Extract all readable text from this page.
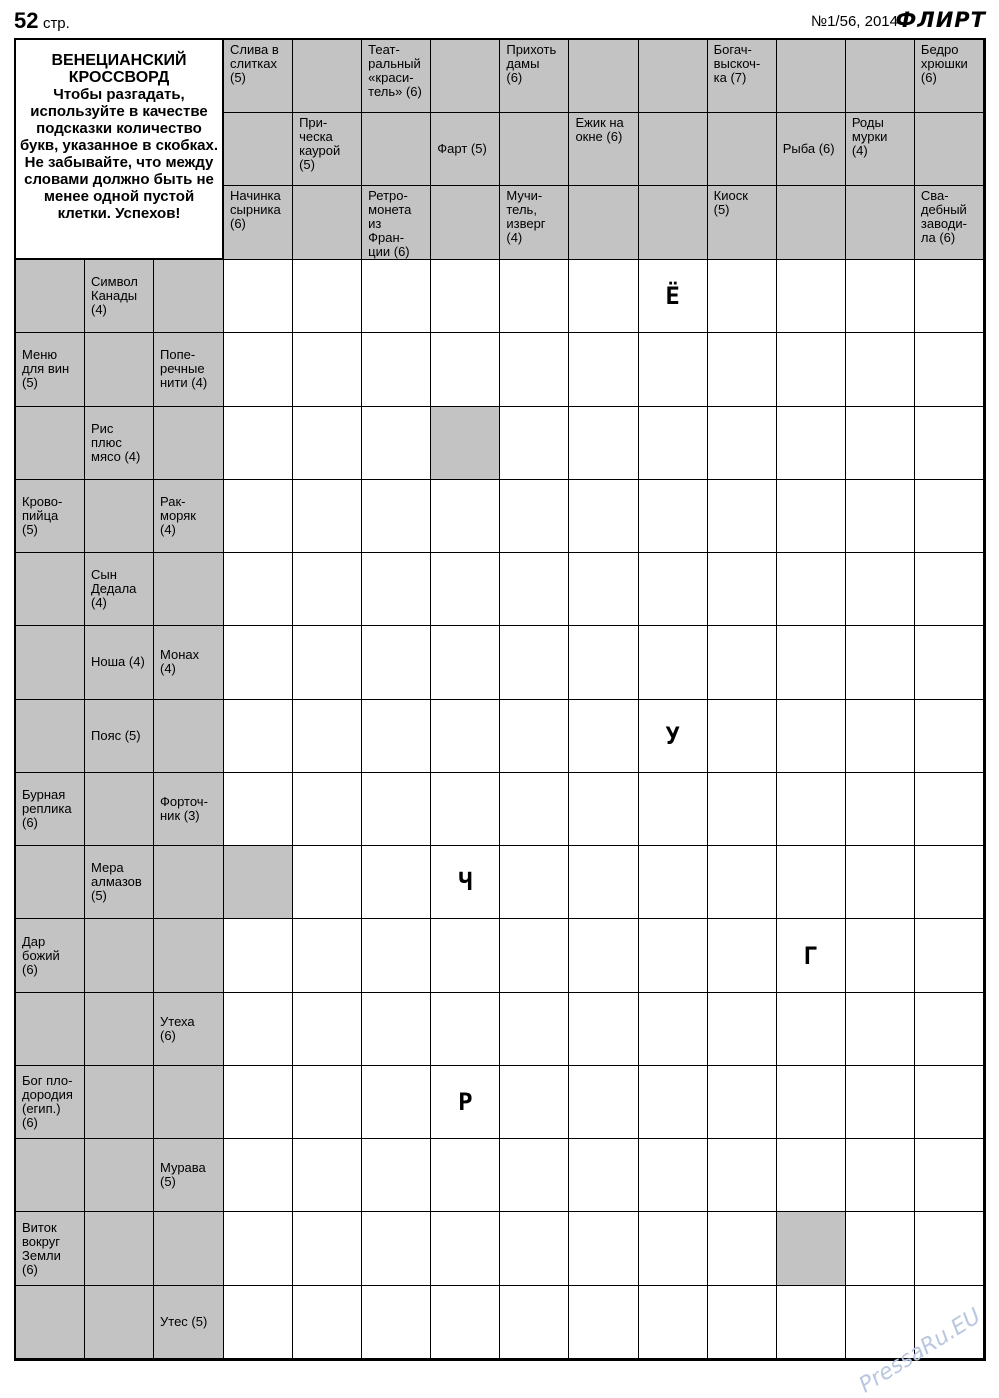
52 стр.	№1/56, 2014
ФЛИРТ
ВЕНЕЦИАНСКИЙ КРОССВОРД
Чтобы разгадать, используйте в качестве подсказки количество букв, указанное в скобках. Не забывайте, что между словами должно быть не менее одной пустой клетки. Успехов!
Слива в
слитках
(5)
Теат-
ральный
«краси-
тель» (6)
Прихоть
дамы
(6)
Богач-
выскоч-
ка (7)
Бедро
хрюшки
(6)
При-
ческа
каурой
(5)
Фарт (5)
Ежик на
окне (6)
Рыба (6)
Роды
мурки
(4)
Начинка
сырника
(6)
Ретро-
монета
из
Фран-
ции (6)
Мучи-
тель,
изверг
(4)
Киоск
(5)
Сва-
дебный
заводи-
ла (6)
Символ
Канады
(4)
Меню
для вин
(5)
Попе-
речные
нити (4)
Рис
плюс
мясо (4)
Крово-
пийца
(5)
Рак-
моряк
(4)
Сын
Дедала
(4)
Ноша (4)	Монах
(4)
Пояс (5)
Бурная
реплика
(6)
Форточ-
ник (3)
Мера
алмазов
(5)
Дар
божий
(6)
Утеха
(6)
Бог пло-
дородия
(егип.)
(6)
Мурава
(5)
Виток
вокруг
Земли
(6)
Утес (5)
Ё
У
Ч
Г
Р
PressaRu.EU
